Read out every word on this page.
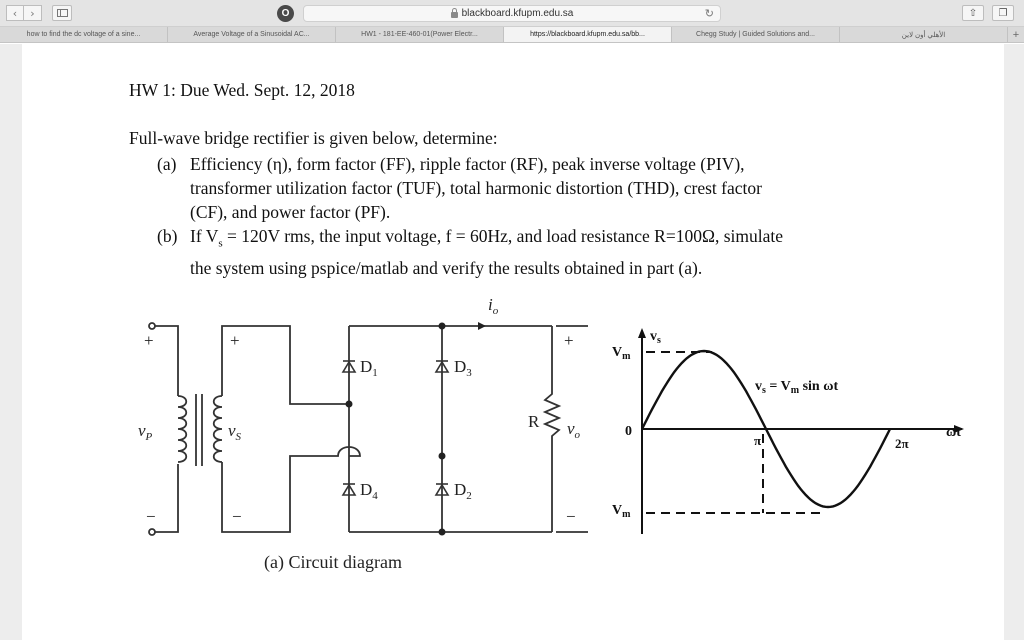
‹ ›	O	blackboard.kfupm.edu.sa	↻	⇧ ❐
how to find the dc voltage of a sine...	Average Voltage of a Sinusoidal AC...	HW1 - 181-EE-460-01(Power Electr...	https://blackboard.kfupm.edu.sa/bb...	Chegg Study | Guided Solutions and...	الأهلي أون لاين	+
HW 1: Due Wed. Sept. 12, 2018
Full-wave bridge rectifier is given below, determine:
(a) Efficiency (η), form factor (FF), ripple factor (RF), peak inverse voltage (PIV),
transformer utilization factor (TUF), total harmonic distortion (THD), crest factor
(CF), and power factor (PF).
(b) If $V_s = 120V$ rms, the input voltage, f = 60Hz, and load resistance R=100Ω, simulate
the system using pspice/matlab and verify the results obtained in part (a).
+
−
+
−
+
−
$v_P$	$v_S$
$D_1$	$D_3$
$D_4$	$D_2$
R $v_o$
$i_o$
$v_s$
$V_m$
0
$V_m$
$v_s = V_m$ sin ωt
π	2π
ωt
(a) Circuit diagram
